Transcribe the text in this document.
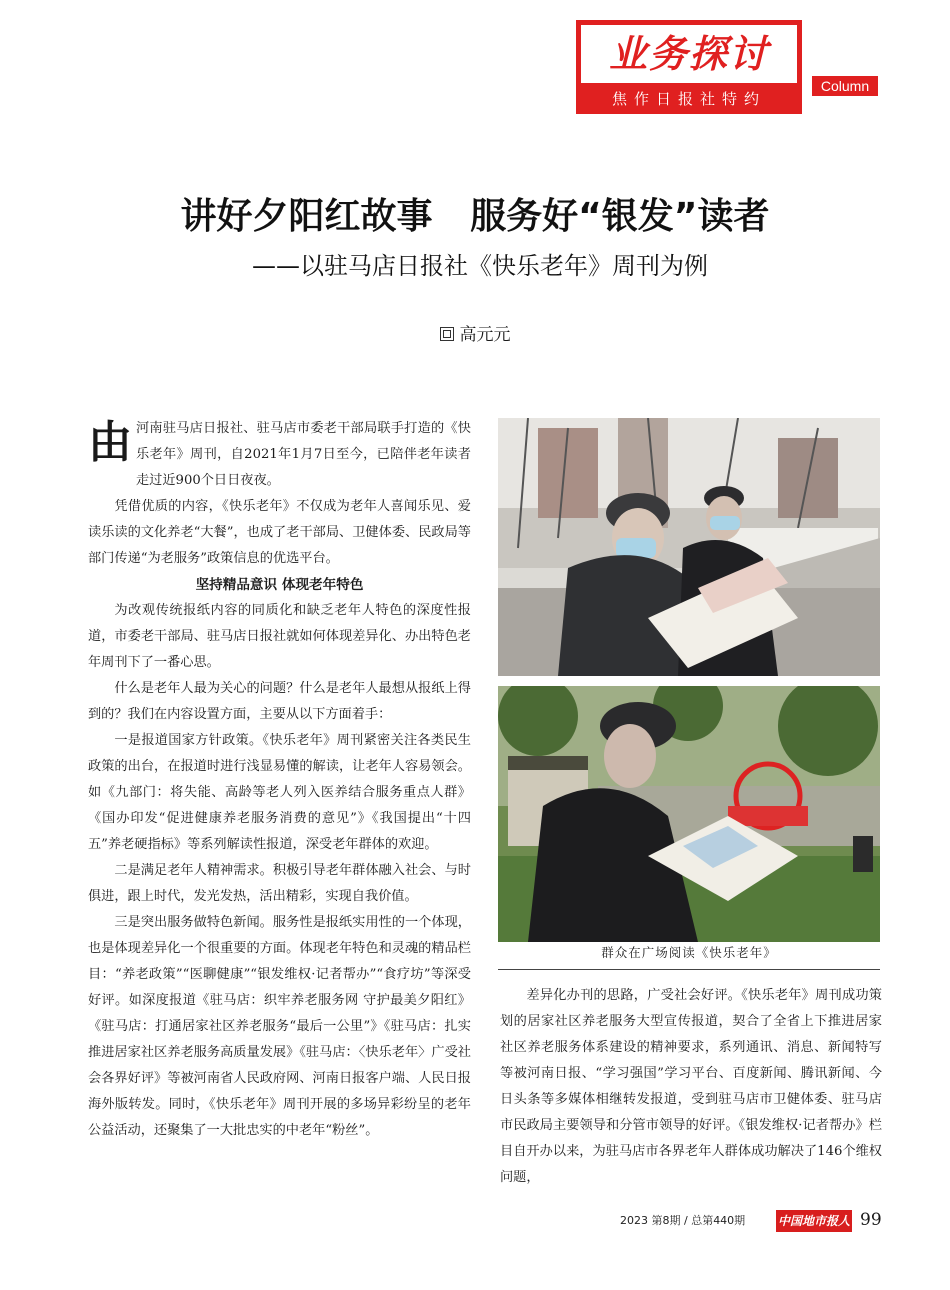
业务探讨
焦作日报社特约
Column
讲好夕阳红故事   服务好“银发”读者
——以驻马店日报社《快乐老年》周刊为例
高元元

由河南驻马店日报社、驻马店市委老干部局联手打造的《快乐老年》周刊，自2021年1月7日至今，已陪伴老年读者走过近900个日日夜夜。

凭借优质的内容，《快乐老年》不仅成为老年人喜闻乐见、爱读乐读的文化养老“大餐”，也成了老干部局、卫健体委、民政局等部门传递“为老服务”政策信息的优选平台。

坚持精品意识 体现老年特色

为改观传统报纸内容的同质化和缺乏老年人特色的深度性报道，市委老干部局、驻马店日报社就如何体现差异化、办出特色老年周刊下了一番心思。

什么是老年人最为关心的问题？什么是老年人最想从报纸上得到的？我们在内容设置方面，主要从以下方面着手：

一是报道国家方针政策。《快乐老年》周刊紧密关注各类民生政策的出台，在报道时进行浅显易懂的解读，让老年人容易领会。如《九部门：将失能、高龄等老人列入医养结合服务重点人群》《国办印发“促进健康养老服务消费的意见”》《我国提出“十四五”养老硬指标》等系列解读性报道，深受老年群体的欢迎。

二是满足老年人精神需求。积极引导老年群体融入社会、与时俱进，跟上时代，发光发热，活出精彩，实现自我价值。

三是突出服务做特色新闻。服务性是报纸实用性的一个体现，也是体现差异化一个很重要的方面。体现老年特色和灵魂的精品栏目：“养老政策”“医聊健康”“银发维权·记者帮办”“食疗坊”等深受好评。如深度报道《驻马店：织牢养老服务网 守护最美夕阳红》《驻马店：打通居家社区养老服务“最后一公里”》《驻马店：扎实推进居家社区养老服务高质量发展》《驻马店：〈快乐老年〉广受社会各界好评》等被河南省人民政府网、河南日报客户端、人民日报海外版转发。同时，《快乐老年》周刊开展的多场异彩纷呈的老年公益活动，还聚集了一大批忠实的中老年“粉丝”。

群众在广场阅读《快乐老年》

差异化办刊的思路，广受社会好评。《快乐老年》周刊成功策划的居家社区养老服务大型宣传报道，契合了全省上下推进居家社区养老服务体系建设的精神要求，系列通讯、消息、新闻特写等被河南日报、“学习强国”学习平台、百度新闻、腾讯新闻、今日头条等多媒体相继转发报道，受到驻马店市卫健体委、驻马店市民政局主要领导和分管市领导的好评。《银发维权·记者帮办》栏目自开办以来，为驻马店市各界老年人群体成功解决了146个维权问题，

2023 第8期 / 总第440期	中国地市报人 99
